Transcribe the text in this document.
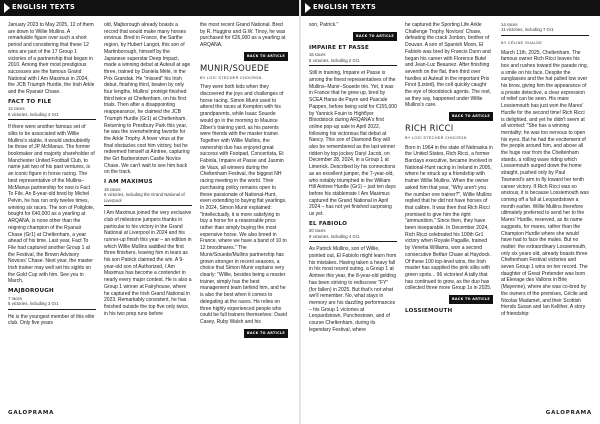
ENGLISH TEXTS

January 2023 to May 2025, 12 of them are down to Willie Mullins. A remarkable figure over such a short period and considering that these 12 wins are part of the 17 Group 1 victories of a partnership that began in 2010. Among their most prestigious successes are the famous Grand National with I Am Maximus in 2024, the JCB Triumph Hurdle, the Irish Arkle and the Ryanair Chase.

FACT TO FILE
12 races
6 victories, including 4 Gr1

If there were another famous set of silks to be associated with Willie Mullins's stable, it would undoubtedly be those of JP McManus. The former bookmaker and majority shareholder of Manchester United Football Club, to name just two of his past ventures, is an iconic figure in horse racing. The best representative of the Mullins–McManus partnership for now is Fact To File. An 8-year-old bred by Michel Pelvin, he has run only twelve times, winning six races. The son of Poliglote, bought for €40,000 as a yearling at ARQANA, is none other than the reigning champion of the Ryanair Chase (Gr1) at Cheltenham, a year ahead of his time. Last year, Fact To File had captured another Group 1 at the Festival, the Brown Advisory Novices' Chase. Next year, the master Irish trainer may well set his sights on the Gold Cup with him. See you in March,

MAJBOROUGH
7 races
5 victories, including 3 Gr1

He is the youngest member of this elite club. Only five years

old, Majborough already boasts a record that would make many horses envious. Bred in France, the Sarthe region, by Hubert Langot, this son of Martinborough, himself by the Japanese superstar Deep Impact, made a winning debut at Auteuil at age three, trained by Daniela Mélé, in the Prix Grandak. He "missed" his Irish debut, finishing third, beaten by only four lengths. Mullins' protégé finished third twice at Cheltenham, on his first trials. Then after a disappointing reappearance, he claimed the JCB Triumph Hurdle (Gr1) at Cheltenham. Returning to Prestbury Park this year, he was the overwhelming favorite for the Arkle Trophy. A fever virus at the final obstacles cost him victory, but he redeemed himself at Aintree, capturing the Grt Barberstown Castle Novice Chase. We can't wait to see him back on the track.

I AM MAXIMUS
18 races
6 victories, including the Grand National of Liverpool

I Am Maximus joined the very exclusive club of milestone jumpers thanks in particular to his victory in the Grand National at Liverpool in 2024 and his runner-up finish this year – an edition in which Willie Mullins saddled the first three finishers, leaving him in tears as his son Patrick claimed the win. A 9-year-old son of Authorized, I Am Maximus has become a contender in nearly every major contest. He is also a Group 1 winner at Fairyhouse, where he captured the Irish Grand National in 2023. Remarkably consistent, he has finished outside the top five only twice, in his two prep runs before

the most recent Grand National. Bred by R. Huggins and G.W. Tinoy, he was purchased for €26,000 as a yearling at ARQANA.

BACK TO ARTICLE
MUNIR/SOUEDE
BY LOÏC STECHER CHOCRON

They were both kids when they discovered the joys and challenges of horse racing. Simon Munir used to attend the races at Kempton with his grandparents, while Isaac Souede would go in the morning to Maurice Zilber's training yard, as his parents were friends with the master trainer. Together with Willie Mullins, the ownership duo has enjoyed great success with Footpad, Concertista, Et Fabiola, Impaire et Passe and Jasmin de Vaux, all winners during the Cheltenham Festival, the biggest NH racing meeting in the world. Their purchasing policy remains open to these passionate of National-Hunt, even extending to buying flat yearlings. In 2024, Simon Munir explained: "Intellectually, it is more satisfying to buy a horse for a reasonable price rather than simply buying the most expensive horse. We also breed in France, where we have a band of 10 to 12 broodmares." The Munir/Souede/Mullins partnership has grown stronger in recent seasons, a choice that Simon Munir explains very clearly: "Willie, besides being a master trainer, simply has the best management team behind him, and he is also the best when it comes to delegating at the races. He relies on three highly experienced people who could be full trainers themselves: David Casey, Ruby Walsh and his

BACK TO ARTICLE
GALOPRAMA
ENGLISH TEXTS

son, Patrick."

BACK TO ARTICLE
IMPAIRE ET PASSE
16 races
5 victories, including 2 Gr1

Still in training, Impaire et Passe is among the finest representatives of the Mullins–Munir–Souede trio. Yet, it was in France that he grew up, bred by SCEA Haras de Payre and Pascale Pappen, before being sold for €155,000 by Yannick Fouin to Highflyer Bloodstock during ARQANA's first online pop-up sale in April 2022, following his victorious flat debut at Nancy. This son of Diamond Boy will also be remembered as the last winner ridden by top jockey Daryl Jacob, on December 28, 2024, in a Group 1 at Limerick. Described by his connections as an excellent jumper, the 7-year-old, who notably triumphed in the William Hill Aintree Hurdle (Gr1) – just ten days before his stablemate I Am Maximus captured the Grand National in April 2024 – has not yet finished surprising us yet.

EL FABIOLO
20 races
9 victories, including 4 Gr1

As Patrick Mullins, son of Willie, pointed out, El Fabiolo might learn from his mistakes. Having taken a heavy fall in his most recent outing, a Group 1 at Aintree this year, the 8-year-old gelding has been striving to rediscover "FY" (for fallen) in 2025. But that's not what we'll remember. No, what stays in memory are his dazzling performances – his Group 1 victories at Leopardstown, Punchestown, and of course Cheltenham, during its legendary Festival, where

he captured the Sporting Life Arkle Challenge Trophy Novices' Chase, defeating the crack Jonbon, brother of Douvan. A son of Spanish Moon, El Fabiolo was bred by Francis Dunn and began his career with Florence Butel and Jean-Luc Beaunez. After finishing seventh on the flat, then third over hurdles at Auteuil in the important Prix Finot (Listed), the colt quickly caught the eye of bloodstock agents. The rest, as they say, happened under Willie Mullins's care.

BACK TO ARTICLE
RICH RICCI
BY LOÏC STECHER CHOCRON

Born in 1964 in the state of Nebraska in the United States, Rich Ricci, a former Barclays executive, became involved in National-Hunt racing in Ireland in 2005, where he struck up a friendship with trainer Willie Mullins. When the owner asked him that year, "Why aren't you the number one trainer?", Willie Mullins replied that he did not have horses of that calibre. It was then that Rich Ricci promised to give him the right "ammunition." Since then, they have been inseparable. In December 2024, Rich Ricci celebrated his 100th Gr1 victory when Royale Pagaille, trained by Venetia Williams, won a second consecutive Betfair Chase at Haydock. Of these 100 top-level wins, the Irish master has supplied the pink silks with green spots... 96 victories! A tally that has continued to grow, as the duo has collected three more Group 1s in 2025.

BACK TO ARTICLE
LOSSIEMOUTH
14 races
11 victories, including 7 Gr1
BY CÉLINE GUALDE

March 11th, 2025, Cheltenham. The famous owner Rich Ricci leaves his box and rushes toward the parade ring, a smile on his face. Despite the sunglasses and the hat pulled low over his brow, giving him the appearance of a private detective, a clear expression of relief can be seen. His mare Lossiemouth has just won the Mares' Hurdle for the second time! Rich Ricci is delighted, and yet he didn't seem at all worried: "She has a winning mentality; he was too nervous to open his eyes. But he had the excitement of the people around him, and above all the huge roar from the Cheltenham stands, a rolling wave riding which Lossiemouth surged down the home straight, pushed only by Paul Townend's arm to fly toward her tenth career victory. If Rich Ricci was so anxious, it is because Lossiemouth was coming off a fall at Leopardstown a month earlier. Willie Mullins therefore ultimately preferred to send her to the Mares' Hurdle, reserved, as its name suggests, for mares, rather than the Champion Hurdle where she would have had to face the males. But no matter: the extraordinary Lossiemouth, only six years old, already boasts three Cheltenham Festival victories and seven Group 1 wins on her record. The daughter of Great Pretender was born at Elevage des Vallons in Brie (Mayenne), where she was co-bred by the owners of the premises, Cécile and Nicolas Madamet, and their Scottish friends Susan and Ian Kelliher. A story of friendship:

GALOPRAMA
